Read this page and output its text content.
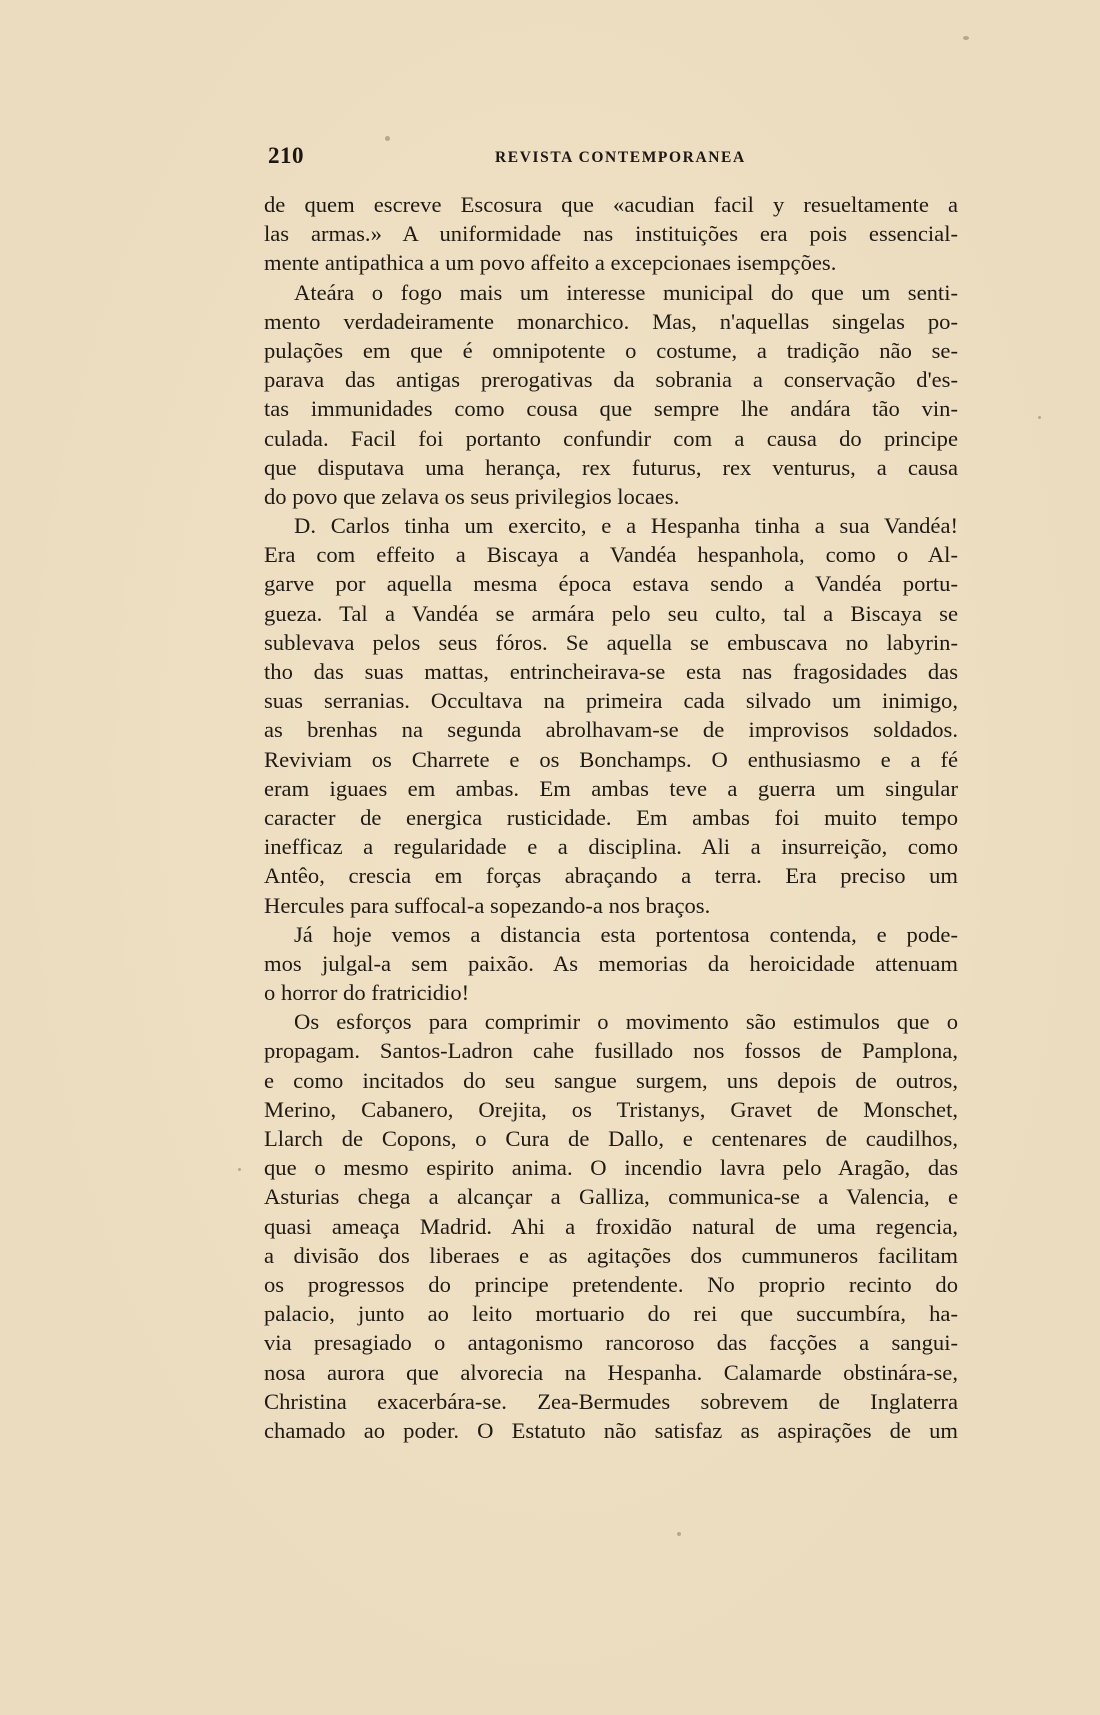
210	REVISTA CONTEMPORANEA
de quem escreve Escosura que «acudian facil y resueltamente a
las armas.» A uniformidade nas instituições era pois essencial-
mente antipathica a um povo affeito a excepcionaes isempções.
Ateára o fogo mais um interesse municipal do que um senti-
mento verdadeiramente monarchico. Mas, n'aquellas singelas po-
pulações em que é omnipotente o costume, a tradição não se-
parava das antigas prerogativas da sobrania a conservação d'es-
tas immunidades como cousa que sempre lhe andára tão vin-
culada. Facil foi portanto confundir com a causa do principe
que disputava uma herança, rex futurus, rex venturus, a causa
do povo que zelava os seus privilegios locaes.
D. Carlos tinha um exercito, e a Hespanha tinha a sua Vandéa!
Era com effeito a Biscaya a Vandéa hespanhola, como o Al-
garve por aquella mesma época estava sendo a Vandéa portu-
gueza. Tal a Vandéa se armára pelo seu culto, tal a Biscaya se
sublevava pelos seus fóros. Se aquella se embuscava no labyrin-
tho das suas mattas, entrincheirava-se esta nas fragosidades das
suas serranias. Occultava na primeira cada silvado um inimigo,
as brenhas na segunda abrolhavam-se de improvisos soldados.
Reviviam os Charrete e os Bonchamps. O enthusiasmo e a fé
eram iguaes em ambas. Em ambas teve a guerra um singular
caracter de energica rusticidade. Em ambas foi muito tempo
inefficaz a regularidade e a disciplina. Ali a insurreição, como
Antêo, crescia em forças abraçando a terra. Era preciso um
Hercules para suffocal-a sopezando-a nos braços.
Já hoje vemos a distancia esta portentosa contenda, e pode-
mos julgal-a sem paixão. As memorias da heroicidade attenuam
o horror do fratricidio!
Os esforços para comprimir o movimento são estimulos que o
propagam. Santos-Ladron cahe fusillado nos fossos de Pamplona,
e como incitados do seu sangue surgem, uns depois de outros,
Merino, Cabanero, Orejita, os Tristanys, Gravet de Monschet,
Llarch de Copons, o Cura de Dallo, e centenares de caudilhos,
que o mesmo espirito anima. O incendio lavra pelo Aragão, das
Asturias chega a alcançar a Galliza, communica-se a Valencia, e
quasi ameaça Madrid. Ahi a froxidão natural de uma regencia,
a divisão dos liberaes e as agitações dos cummuneros facilitam
os progressos do principe pretendente. No proprio recinto do
palacio, junto ao leito mortuario do rei que succumbíra, ha-
via presagiado o antagonismo rancoroso das facções a sangui-
nosa aurora que alvorecia na Hespanha. Calamarde obstinára-se,
Christina exacerbára-se. Zea-Bermudes sobrevem de Inglaterra
chamado ao poder. O Estatuto não satisfaz as aspirações de um
